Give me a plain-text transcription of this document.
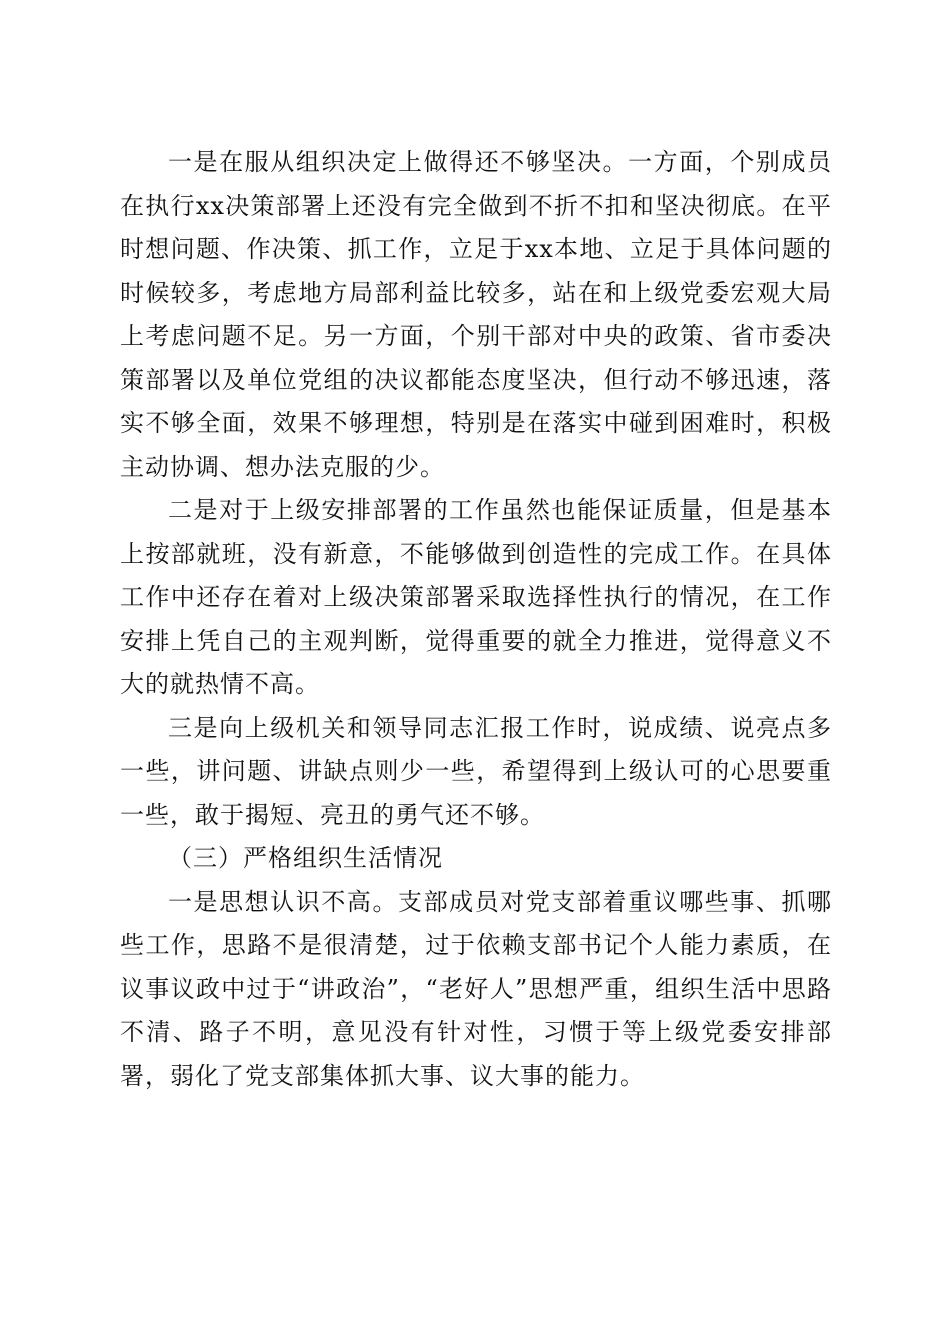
一是在服从组织决定上做得还不够坚决。一方面，个别成员在执行xx决策部署上还没有完全做到不折不扣和坚决彻底。在平时想问题、作决策、抓工作，立足于xx本地、立足于具体问题的时候较多，考虑地方局部利益比较多，站在和上级党委宏观大局上考虑问题不足。另一方面，个别干部对中央的政策、省市委决策部署以及单位党组的决议都能态度坚决，但行动不够迅速，落实不够全面，效果不够理想，特别是在落实中碰到困难时，积极主动协调、想办法克服的少。

二是对于上级安排部署的工作虽然也能保证质量，但是基本上按部就班，没有新意，不能够做到创造性的完成工作。在具体工作中还存在着对上级决策部署采取选择性执行的情况，在工作安排上凭自己的主观判断，觉得重要的就全力推进，觉得意义不大的就热情不高。

三是向上级机关和领导同志汇报工作时，说成绩、说亮点多一些，讲问题、讲缺点则少一些，希望得到上级认可的心思要重一些，敢于揭短、亮丑的勇气还不够。

（三）严格组织生活情况

一是思想认识不高。支部成员对党支部着重议哪些事、抓哪些工作，思路不是很清楚，过于依赖支部书记个人能力素质，在议事议政中过于“讲政治”，“老好人”思想严重，组织生活中思路不清、路子不明，意见没有针对性，习惯于等上级党委安排部署，弱化了党支部集体抓大事、议大事的能力。
